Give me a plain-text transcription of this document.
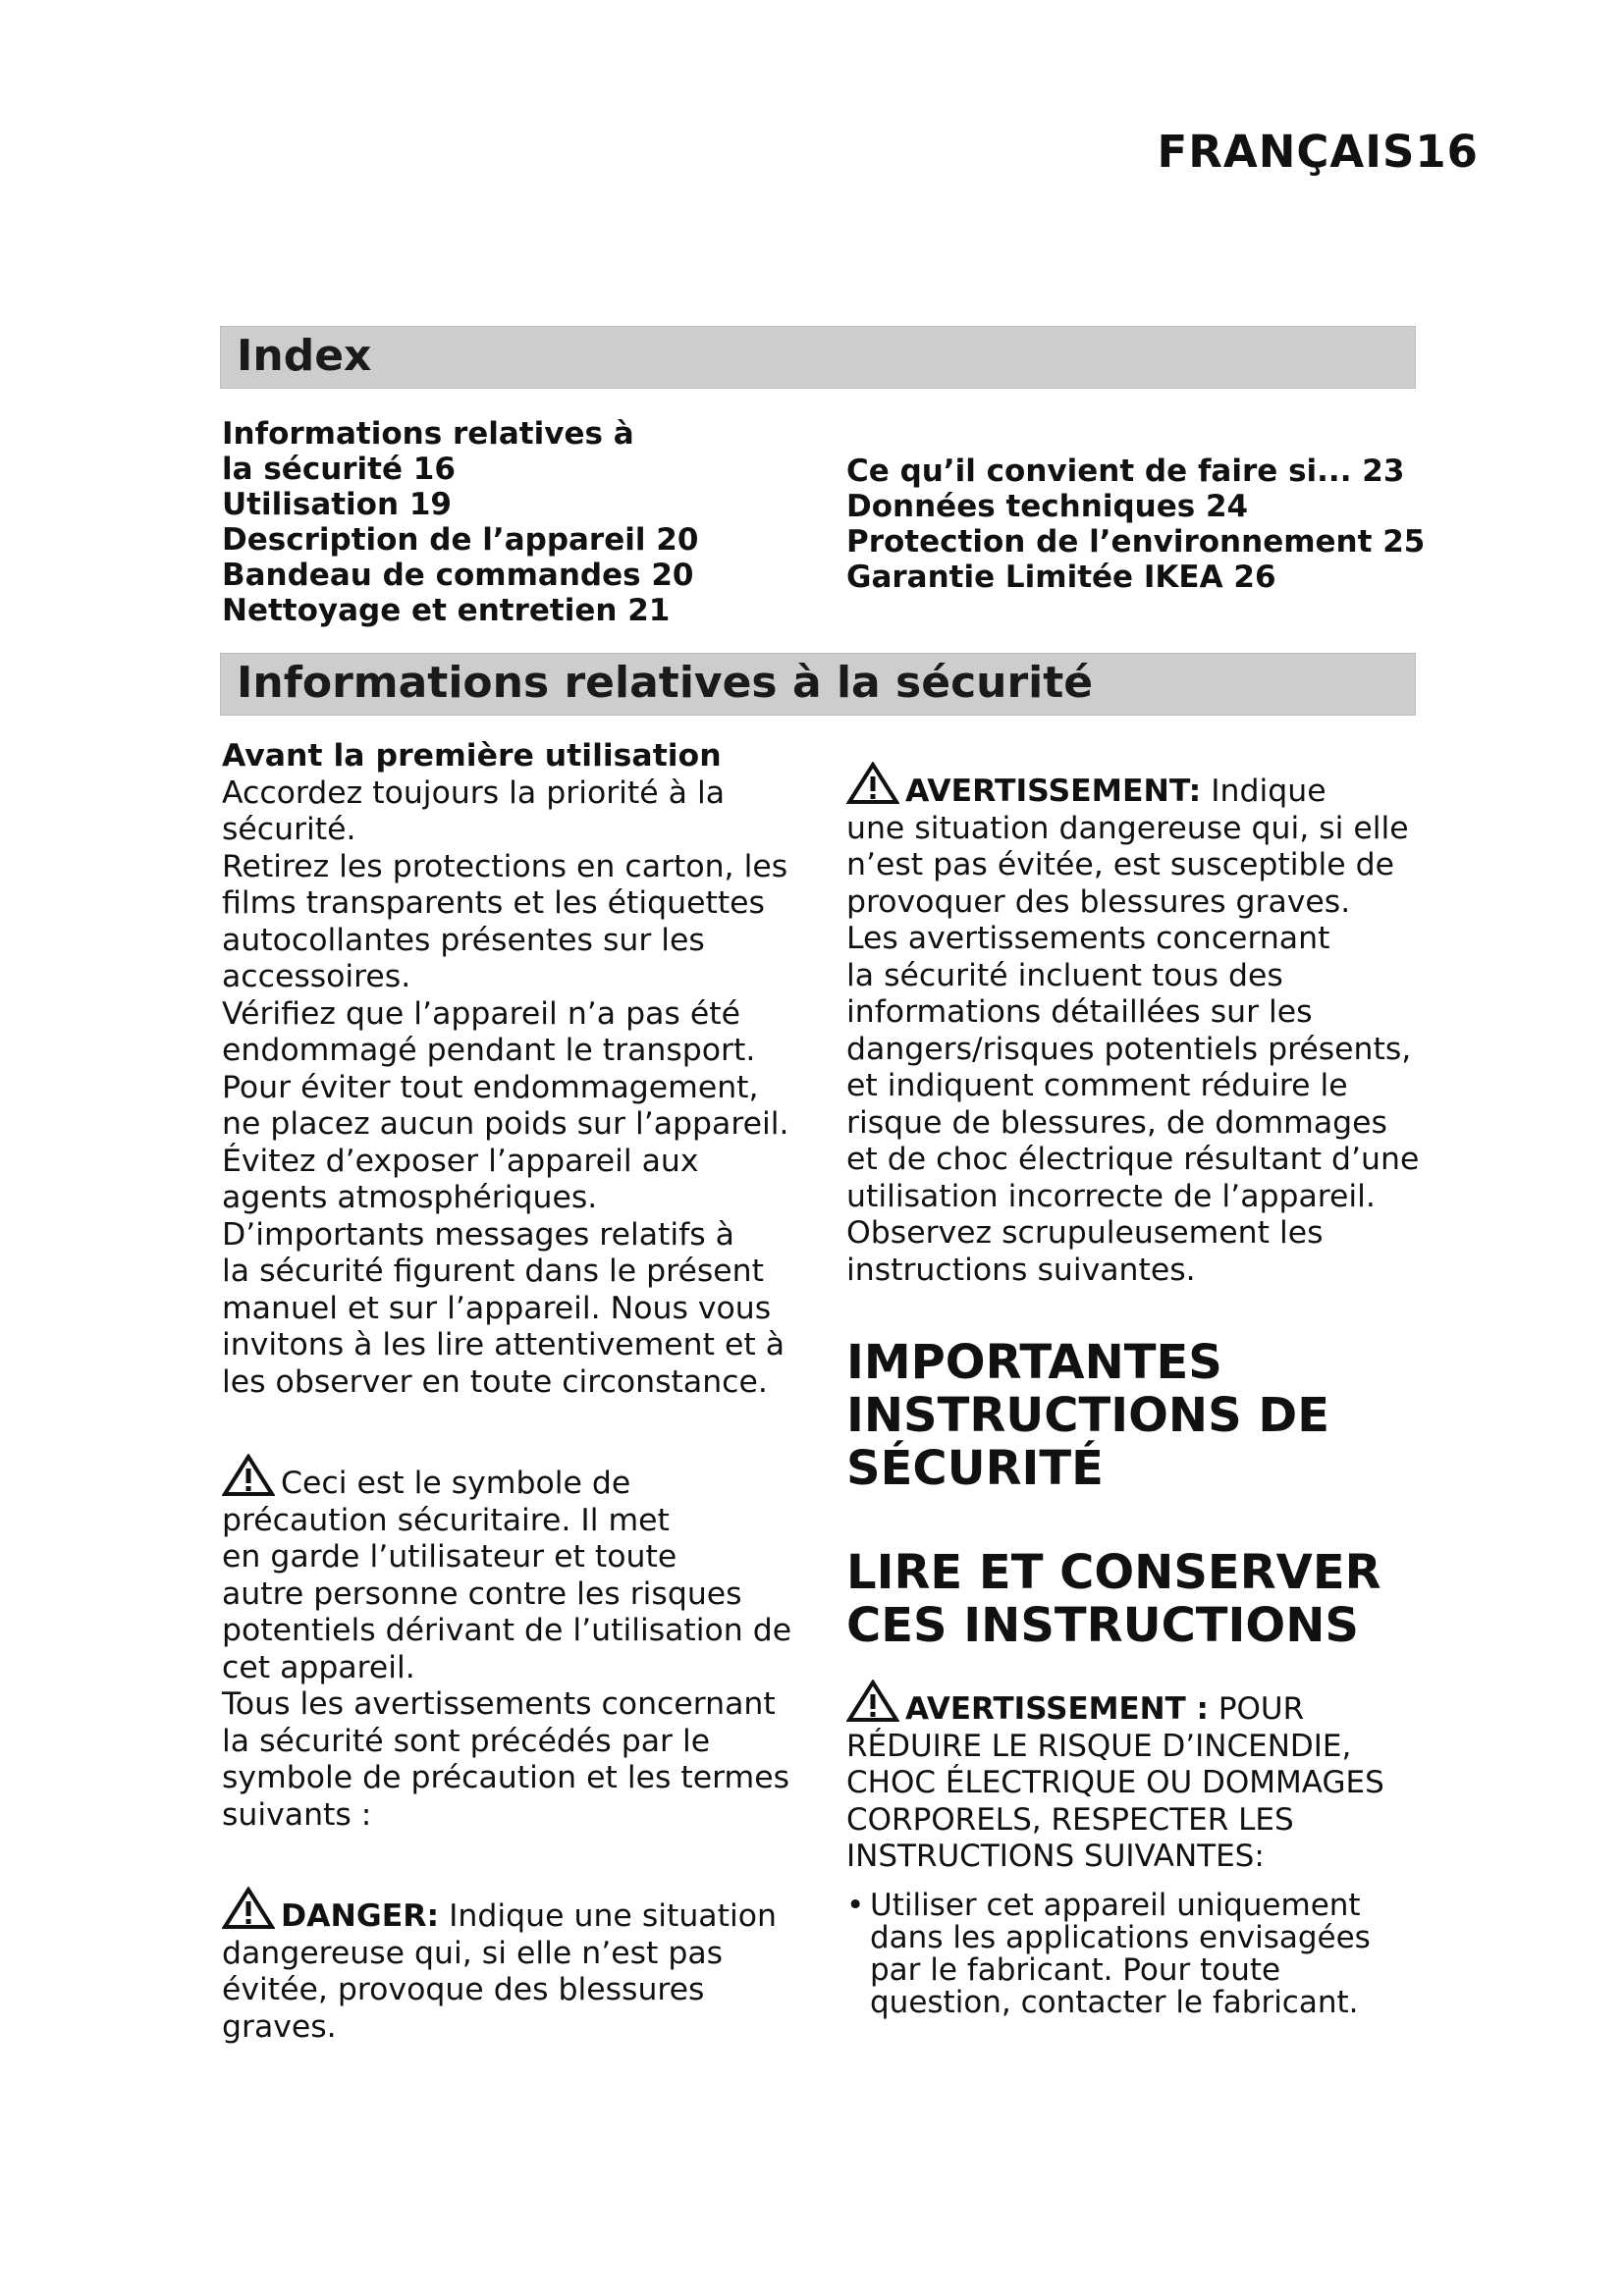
FRANÇAIS16
Index
Informations relatives à
la sécurité 16
Utilisation 19
Description de l’appareil 20
Bandeau de commandes 20
Nettoyage et entretien 21
Ce qu’il convient de faire si... 23
Données techniques 24
Protection de l’environnement 25
Garantie Limitée IKEA 26
Informations relatives à la sécurité
Avant la première utilisation
Accordez toujours la priorité à la
sécurité.
Retirez les protections en carton, les
films transparents et les étiquettes
autocollantes présentes sur les
accessoires.
Vérifiez que l’appareil n’a pas été
endommagé pendant le transport.
Pour éviter tout endommagement,
ne placez aucun poids sur l’appareil.
Évitez d’exposer l’appareil aux
agents atmosphériques.
D’importants messages relatifs à
la sécurité figurent dans le présent
manuel et sur l’appareil. Nous vous
invitons à les lire attentivement et à
les observer en toute circonstance.
Ceci est le symbole de
précaution sécuritaire. Il met
en garde l’utilisateur et toute
autre personne contre les risques
potentiels dérivant de l’utilisation de
cet appareil.
Tous les avertissements concernant
la sécurité sont précédés par le
symbole de précaution et les termes
suivants :
DANGER: Indique une situation
dangereuse qui, si elle n’est pas
évitée, provoque des blessures
graves.
AVERTISSEMENT: Indique
une situation dangereuse qui, si elle
n’est pas évitée, est susceptible de
provoquer des blessures graves.
Les avertissements concernant
la sécurité incluent tous des
informations détaillées sur les
dangers/risques potentiels présents,
et indiquent comment réduire le
risque de blessures, de dommages
et de choc électrique résultant d’une
utilisation incorrecte de l’appareil.
Observez scrupuleusement les
instructions suivantes.
IMPORTANTES
INSTRUCTIONS DE
SÉCURITÉ
LIRE ET CONSERVER
CES INSTRUCTIONS
AVERTISSEMENT : POUR
RÉDUIRE LE RISQUE D’INCENDIE,
CHOC ÉLECTRIQUE OU DOMMAGES
CORPORELS, RESPECTER LES
INSTRUCTIONS SUIVANTES:
• Utiliser cet appareil uniquement
dans les applications envisagées
par le fabricant. Pour toute
question, contacter le fabricant.
